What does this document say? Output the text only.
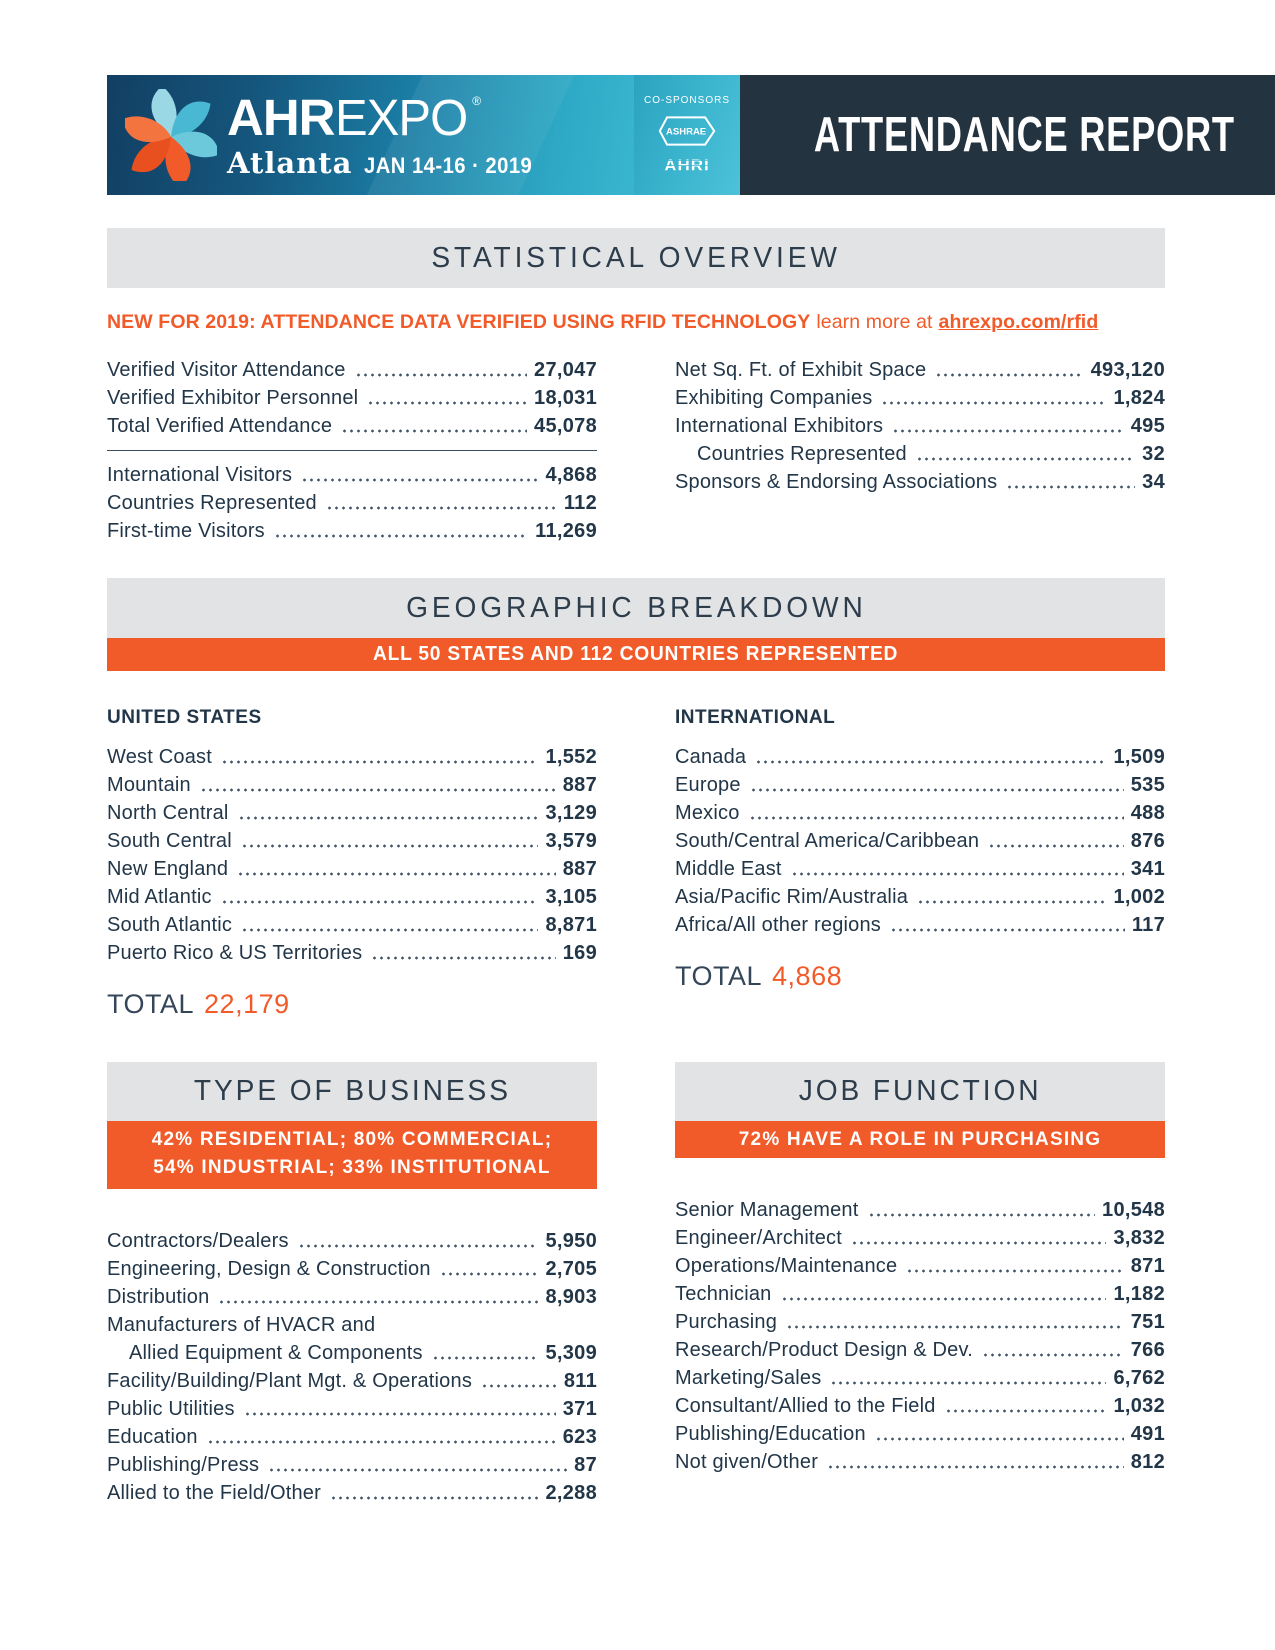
AHR EXPO ®
Atlanta JAN 14-16 · 2019
CO-SPONSORS
ASHRAE
AHRI
ATTENDANCE REPORT
STATISTICAL OVERVIEW
NEW FOR 2019: ATTENDANCE DATA VERIFIED USING RFID TECHNOLOGY learn more at ahrexpo.com/rfid
Verified Visitor Attendance	27,047
Verified Exhibitor Personnel	18,031
Total Verified Attendance	45,078
International Visitors	4,868
Countries Represented	112
First-time Visitors	11,269
Net Sq. Ft. of Exhibit Space	493,120
Exhibiting Companies	1,824
International Exhibitors	495
Countries Represented	32
Sponsors & Endorsing Associations	34
GEOGRAPHIC BREAKDOWN
ALL 50 STATES AND 112 COUNTRIES REPRESENTED
UNITED STATES
West Coast	1,552
Mountain	887
North Central	3,129
South Central	3,579
New England	887
Mid Atlantic	3,105
South Atlantic	8,871
Puerto Rico & US Territories	169
TOTAL 22,179
INTERNATIONAL
Canada	1,509
Europe	535
Mexico	488
South/Central America/Caribbean	876
Middle East	341
Asia/Pacific Rim/Australia	1,002
Africa/All other regions	117
TOTAL 4,868
TYPE OF BUSINESS
42% RESIDENTIAL; 80% COMMERCIAL;
54% INDUSTRIAL; 33% INSTITUTIONAL
Contractors/Dealers	5,950
Engineering, Design & Construction	2,705
Distribution	8,903
Manufacturers of HVACR and
Allied Equipment & Components	5,309
Facility/Building/Plant Mgt. & Operations	811
Public Utilities	371
Education	623
Publishing/Press	87
Allied to the Field/Other	2,288
JOB FUNCTION
72% HAVE A ROLE IN PURCHASING
Senior Management	10,548
Engineer/Architect	3,832
Operations/Maintenance	871
Technician	1,182
Purchasing	751
Research/Product Design & Dev.	766
Marketing/Sales	6,762
Consultant/Allied to the Field	1,032
Publishing/Education	491
Not given/Other	812
